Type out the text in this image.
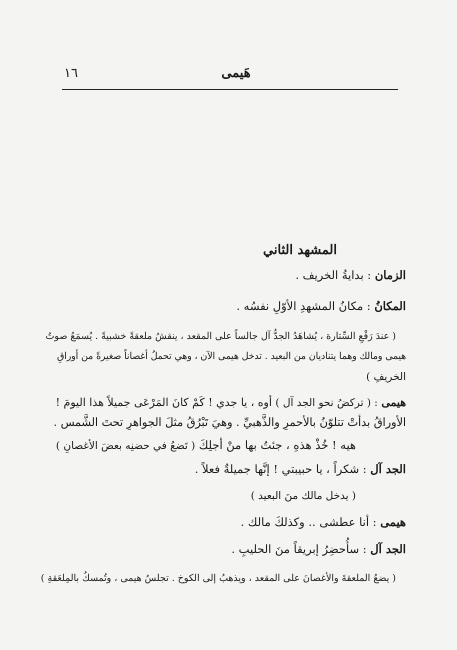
هَيمى
١٦
المشهد الثاني
الزمان : بدايةُ الخريف .
المكانُ : مكانُ المشهدِ الأوّلِ نفسُه .
( عندَ رَفْعِ السِّتارة ، يُشاهَدُ الجدُّ آل جالساً على المقعد ، ينقشُ ملعقةً خشبيةً . يُسمَعُ صوتُ
هيمى ومالك وهما يتناديان من البعيد . تدخل هيمى الآن ، وهي تحملُ أغصاناً صغيرةً من أوراقِ
الخريفِ )
هيمى : ( تركضُ نحو الجد آل ) أوه ، يا جدي ! كَمْ كانَ المَرْعَى جميلاً هذا اليومَ !
الأوراقُ بدأتْ تتلوّنُ بالأحمرِ والذَّهبيِّ . وهيَ تَبْرُقُ مثلَ الجواهرِ تحتَ الشَّمس .
هيه ! خُذْ هذهِ ، جئتُ بها منْ أجلِكَ ( تَضعُ في حضنِه بعضَ الأغصانِ )
الجد آل : شكراً ، يا حبيبتي ! إنَّها جميلةٌ فعلاً .
( يدخل مالك منَ البعيد )
هيمى : أنا عطشى .. وكذلكَ مالك .
الجد آل : سأُحضِرُ إبريقاً منَ الحليبِ .
( يضعُ الملعقةَ والأغصانَ على المقعد ، ويذهبُ إلى الكوخ . تجلسُ هيمى ، وتُمسكُ بالمِلعَقةِ )
